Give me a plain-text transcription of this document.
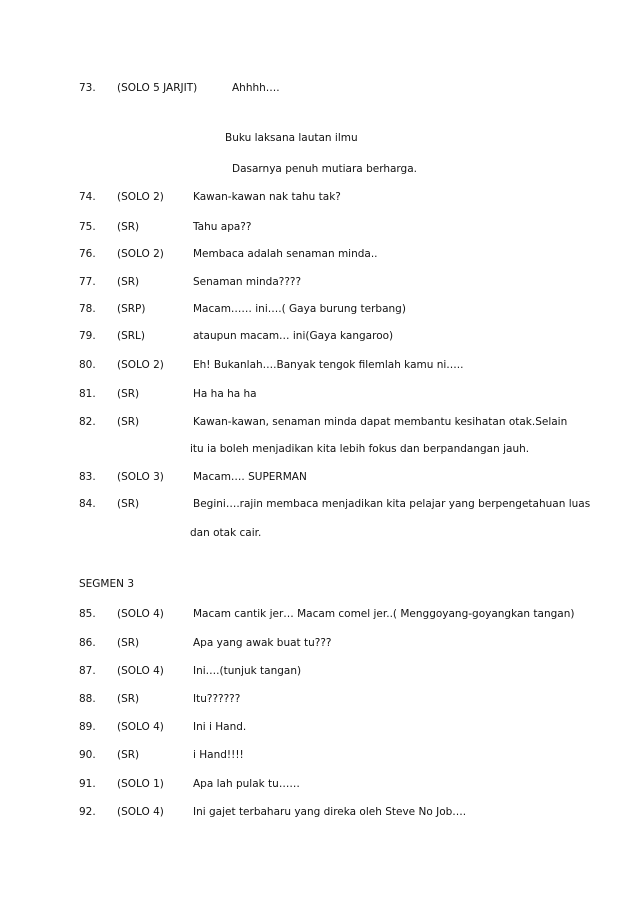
73. (SOLO 5 JARJIT)	Ahhhh….
Buku laksana lautan ilmu
Dasarnya penuh mutiara berharga.
74. (SOLO 2)	Kawan-kawan nak tahu tak?
75. (SR)	Tahu apa??
76. (SOLO 2)	Membaca adalah senaman minda..
77. (SR)	Senaman minda????
78. (SRP)	Macam…… ini….( Gaya burung terbang)
79. (SRL)	ataupun macam… ini(Gaya kangaroo)
80. (SOLO 2)	Eh! Bukanlah….Banyak tengok filemlah kamu ni…..
81. (SR)	Ha ha ha ha
82. (SR)	Kawan-kawan, senaman minda dapat membantu kesihatan otak.Selain
itu ia boleh menjadikan kita lebih fokus dan berpandangan jauh.
83. (SOLO 3)	Macam…. SUPERMAN
84. (SR)	Begini….rajin membaca menjadikan kita pelajar yang berpengetahuan luas
dan otak cair.
SEGMEN 3
85. (SOLO 4)	Macam cantik jer… Macam comel jer..( Menggoyang-goyangkan tangan)
86. (SR)	Apa yang awak buat tu???
87. (SOLO 4)	Ini….(tunjuk tangan)
88. (SR)	Itu??????
89. (SOLO 4)	Ini i Hand.
90. (SR)	i Hand!!!!
91. (SOLO 1)	Apa lah pulak tu……
92. (SOLO 4)	Ini gajet terbaharu yang direka oleh Steve No Job….
